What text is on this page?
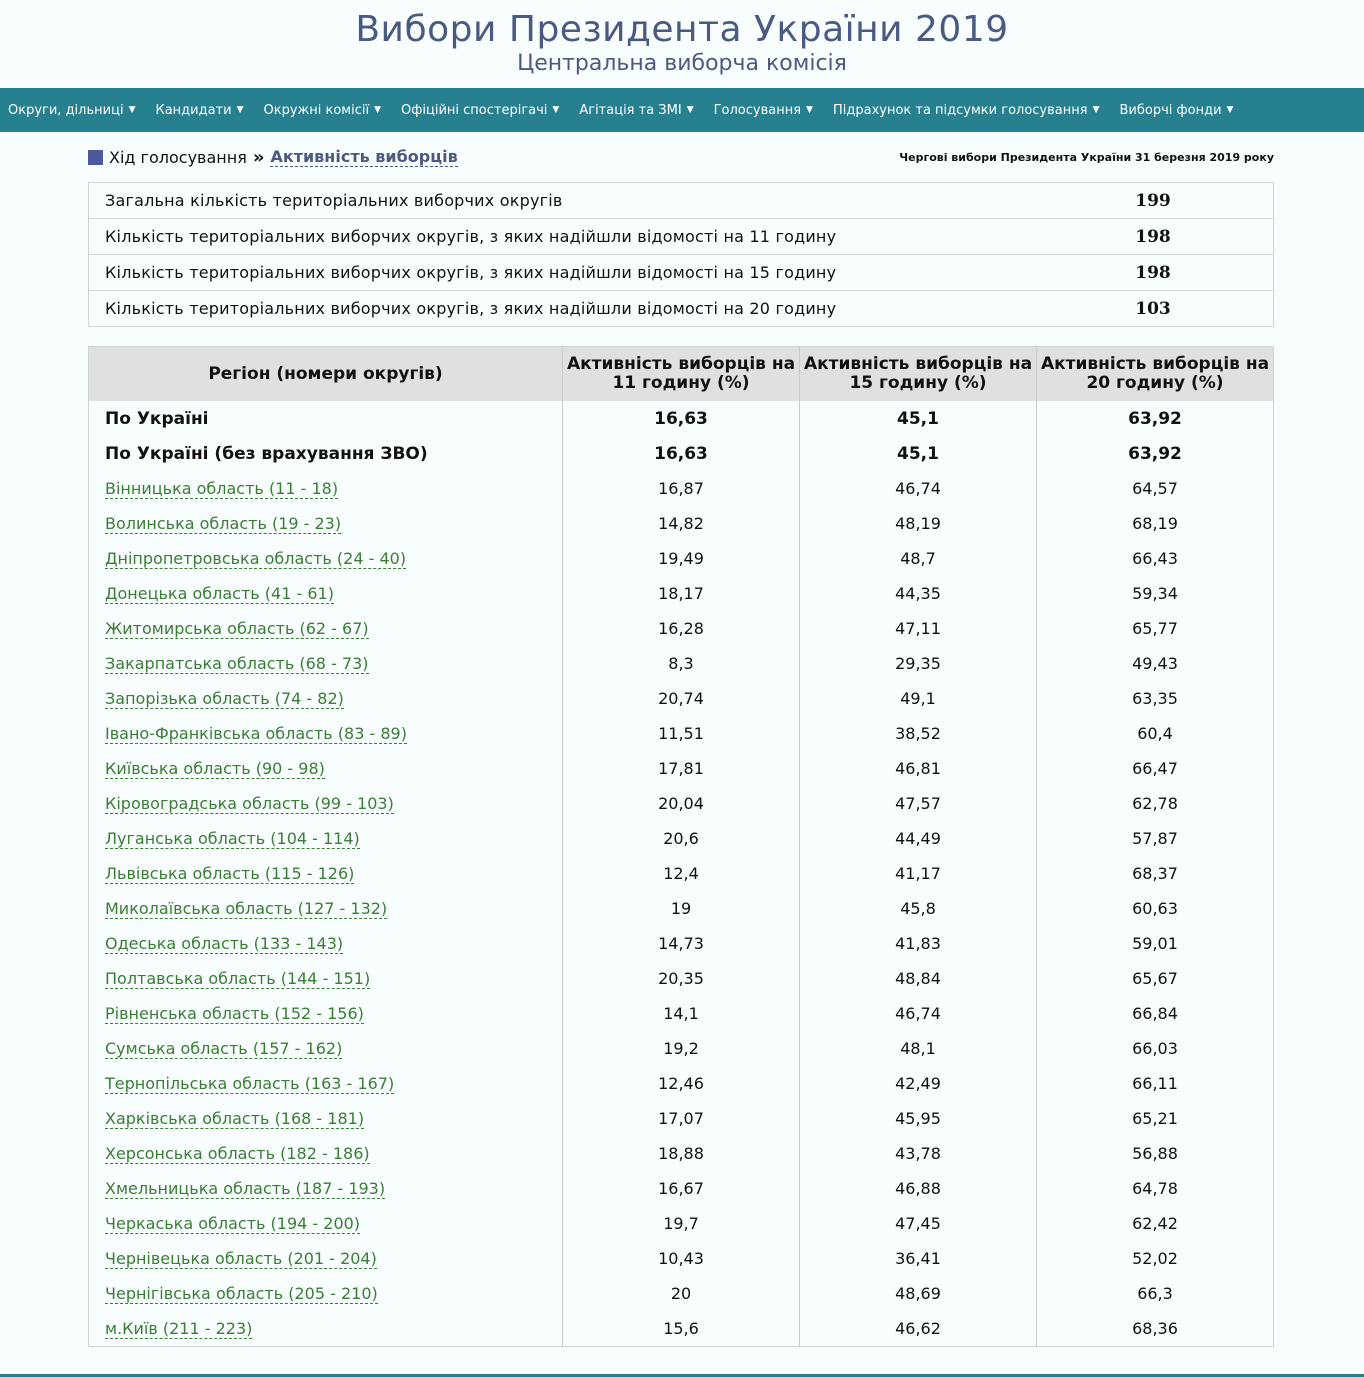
Вибори Президента України 2019
Центральна виборча комісія
Округи, дільниці ▼ Кандидати ▼ Окружні комісії ▼ Офіційні спостерігачі ▼ Агітація та ЗМІ ▼ Голосування ▼ Підрахунок та підсумки голосування ▼ Виборчі фонди ▼
Хід голосування » Активність виборців	Чергові вибори Президента України 31 березня 2019 року
Загальна кількість територіальних виборчих округів	199
Кількість територіальних виборчих округів, з яких надійшли відомості на 11 годину	198
Кількість територіальних виборчих округів, з яких надійшли відомості на 15 годину	198
Кількість територіальних виборчих округів, з яких надійшли відомості на 20 годину	103
Регіон (номери округів)	Активність виборців на 11 годину (%)	Активність виборців на 15 годину (%)	Активність виборців на 20 годину (%)
По Україні	16,63	45,1	63,92
По Україні (без врахування ЗВО)	16,63	45,1	63,92
Вінницька область (11 - 18)	16,87	46,74	64,57
Волинська область (19 - 23)	14,82	48,19	68,19
Дніпропетровська область (24 - 40)	19,49	48,7	66,43
Донецька область (41 - 61)	18,17	44,35	59,34
Житомирська область (62 - 67)	16,28	47,11	65,77
Закарпатська область (68 - 73)	8,3	29,35	49,43
Запорізька область (74 - 82)	20,74	49,1	63,35
Івано-Франківська область (83 - 89)	11,51	38,52	60,4
Київська область (90 - 98)	17,81	46,81	66,47
Кіровоградська область (99 - 103)	20,04	47,57	62,78
Луганська область (104 - 114)	20,6	44,49	57,87
Львівська область (115 - 126)	12,4	41,17	68,37
Миколаївська область (127 - 132)	19	45,8	60,63
Одеська область (133 - 143)	14,73	41,83	59,01
Полтавська область (144 - 151)	20,35	48,84	65,67
Рівненська область (152 - 156)	14,1	46,74	66,84
Сумська область (157 - 162)	19,2	48,1	66,03
Тернопільська область (163 - 167)	12,46	42,49	66,11
Харківська область (168 - 181)	17,07	45,95	65,21
Херсонська область (182 - 186)	18,88	43,78	56,88
Хмельницька область (187 - 193)	16,67	46,88	64,78
Черкаська область (194 - 200)	19,7	47,45	62,42
Чернівецька область (201 - 204)	10,43	36,41	52,02
Чернігівська область (205 - 210)	20	48,69	66,3
м.Київ (211 - 223)	15,6	46,62	68,36
